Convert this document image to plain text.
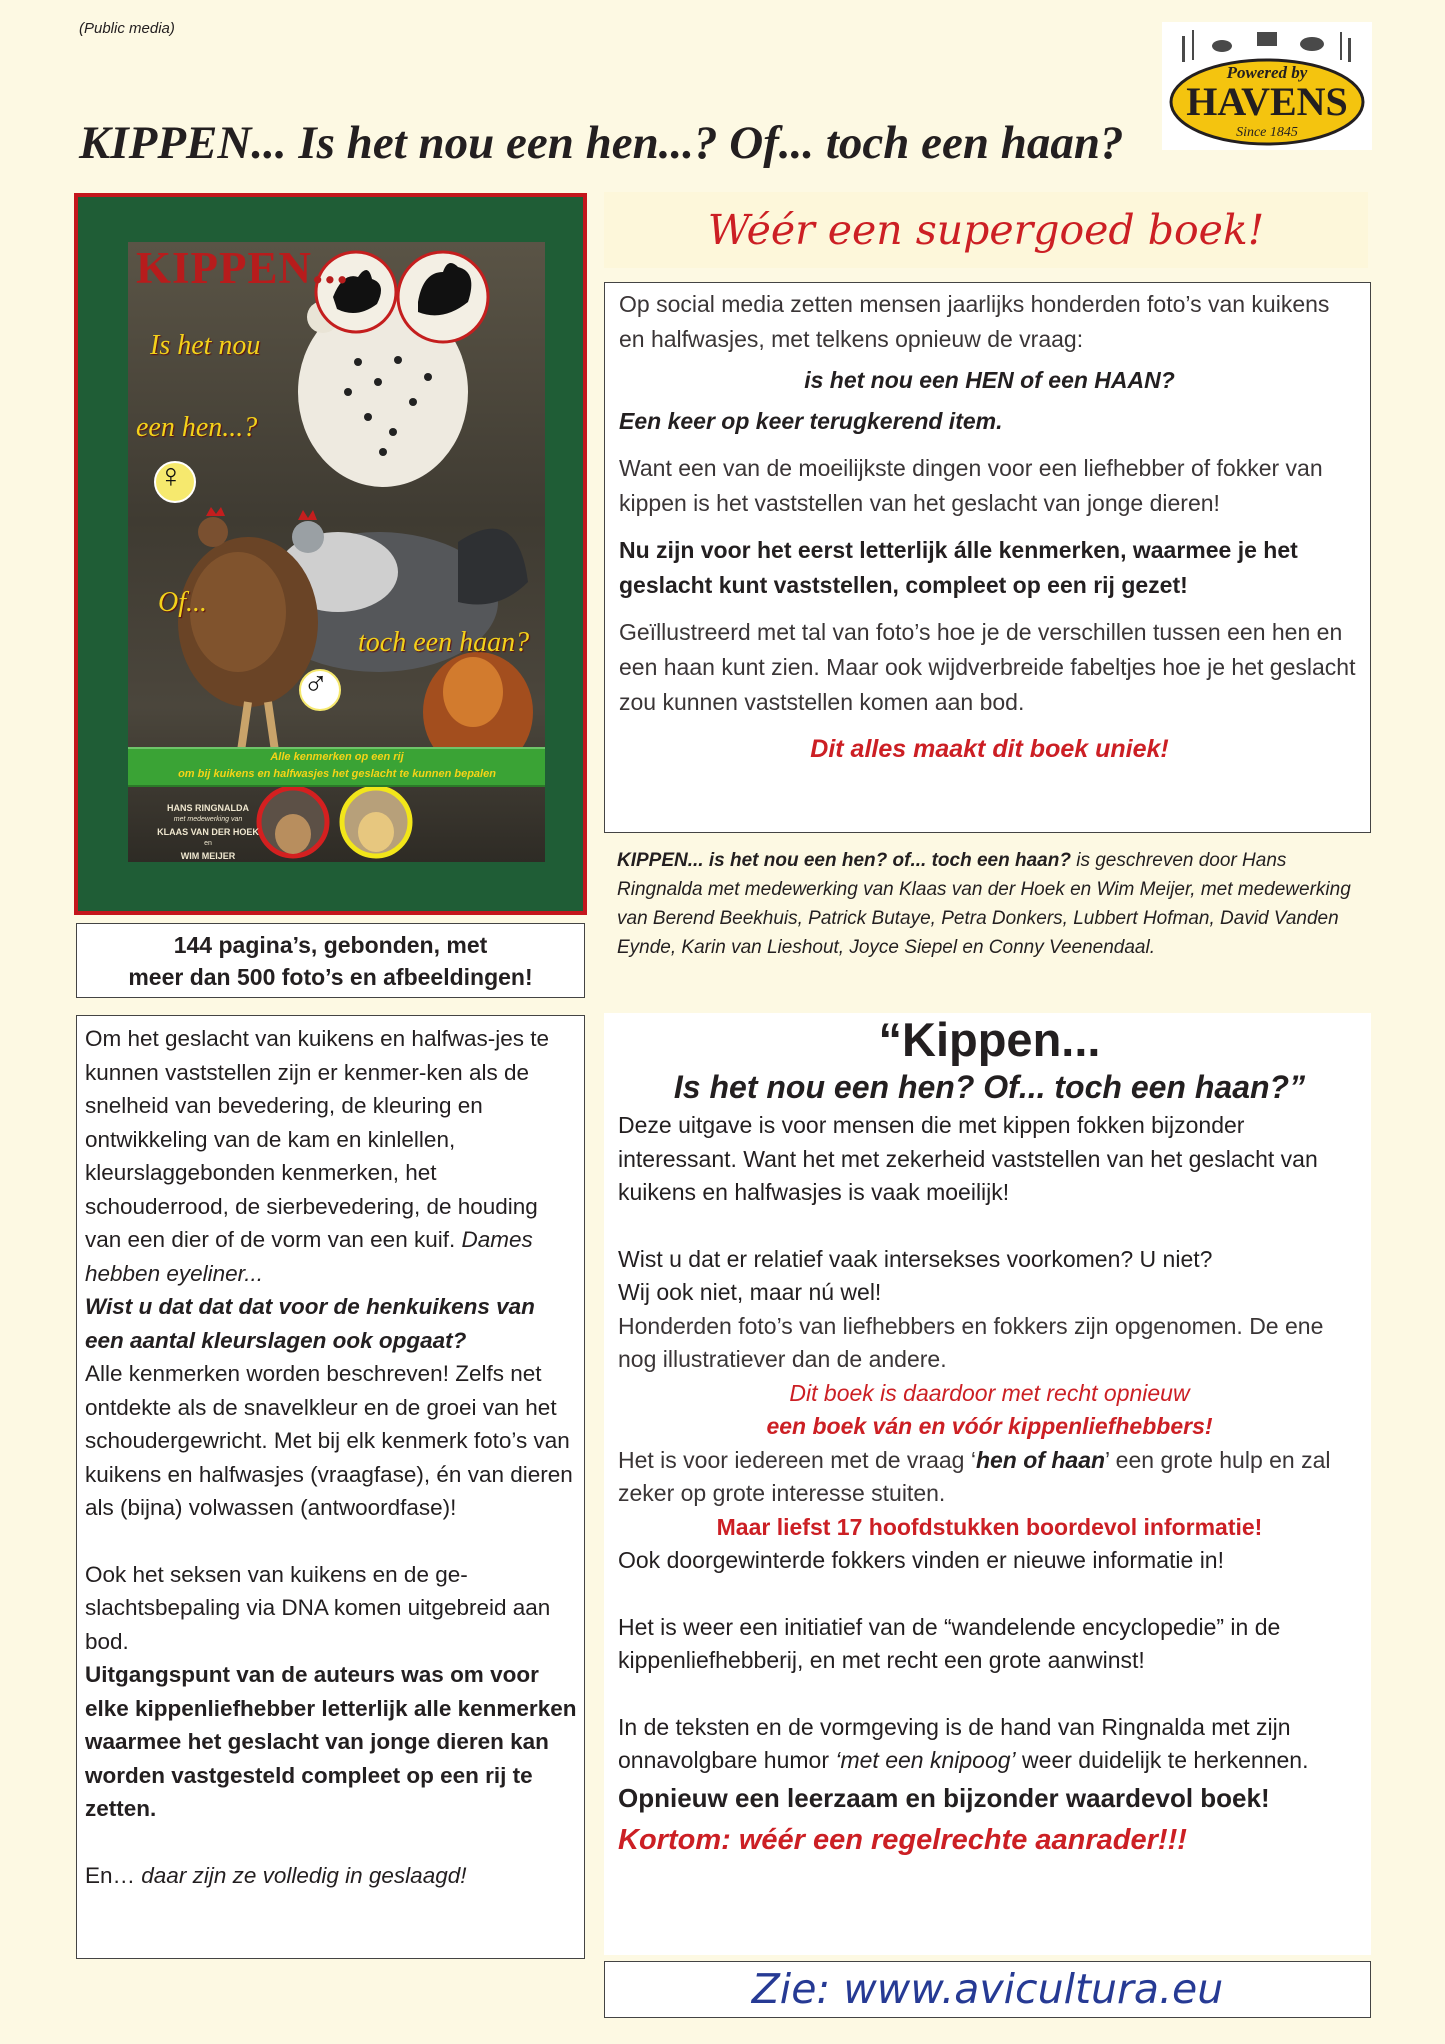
(Public media)
Powered by
HAVENS
Since 1845
KIPPEN... Is het nou een hen...? Of... toch een haan?
KIPPEN...
Is het nou
een hen...?
♀
Of...
toch een haan?
♂
Alle kenmerken op een rij
om bij kuikens en halfwasjes het geslacht te kunnen bepalen
HANS RINGNALDA
met medewerking van
KLAAS VAN DER HOEK
en
WIM MEIJER
144 pagina’s, gebonden, met
meer dan 500 foto’s en afbeeldingen!

Om het geslacht van kuikens en halfwas-jes te kunnen vaststellen zijn er kenmer-ken als de snelheid van bevedering, de kleuring en ontwikkeling van de kam en kinlellen, kleurslaggebonden kenmerken, het schouderrood, de sierbevedering, de houding van een dier of de vorm van een kuif. Dames hebben eyeliner...

Wist u dat dat dat voor de henkuikens van een aantal kleurslagen ook opgaat?

Alle kenmerken worden beschreven! Zelfs net ontdekte als de snavelkleur en de groei van het schoudergewricht. Met bij elk kenmerk foto’s van kuikens en halfwasjes (vraagfase), én van dieren als (bijna) volwassen (antwoordfase)!

Ook het seksen van kuikens en de ge-slachtsbepaling via DNA komen uitgebreid aan bod.

Uitgangspunt van de auteurs was om voor elke kippenliefhebber letterlijk alle kenmerken waarmee het geslacht van jonge dieren kan worden vastgesteld compleet op een rij te zetten.

En… daar zijn ze volledig in geslaagd!

Wéér een supergoed boek!

Op social media zetten mensen jaarlijks honderden foto’s van kuikens en halfwasjes, met telkens opnieuw de vraag:

is het nou een HEN of een HAAN?

Een keer op keer terugkerend item.

Want een van de moeilijkste dingen voor een liefhebber of fokker van kippen is het vaststellen van het geslacht van jonge dieren!

Nu zijn voor het eerst letterlijk álle kenmerken, waarmee je het geslacht kunt vaststellen, compleet op een rij gezet!

Geïllustreerd met tal van foto’s hoe je de verschillen tussen een hen en een haan kunt zien. Maar ook wijdverbreide fabeltjes hoe je het geslacht zou kunnen vaststellen komen aan bod.

Dit alles maakt dit boek uniek!

KIPPEN... is het nou een hen? of... toch een haan? is geschreven door Hans Ringnalda met medewerking van Klaas van der Hoek en Wim Meijer, met medewerking van Berend Beekhuis, Patrick Butaye, Petra Donkers, Lubbert Hofman, David Vanden Eynde, Karin van Lieshout, Joyce Siepel en Conny Veenendaal.
“Kippen...
Is het nou een hen? Of... toch een haan?”

Deze uitgave is voor mensen die met kippen fokken bijzonder interessant. Want het met zekerheid vaststellen van het geslacht van kuikens en halfwasjes is vaak moeilijk!

Wist u dat er relatief vaak intersekses voorkomen? U niet?

Wij ook niet, maar nú wel!

Honderden foto’s van liefhebbers en fokkers zijn opgenomen. De ene nog illustratiever dan de andere.

Dit boek is daardoor met recht opnieuw

een boek ván en vóór kippenliefhebbers!

Het is voor iedereen met de vraag ‘hen of haan’ een grote hulp en zal zeker op grote interesse stuiten.

Maar liefst 17 hoofdstukken boordevol informatie!

Ook doorgewinterde fokkers vinden er nieuwe informatie in!

Het is weer een initiatief van de “wandelende encyclopedie” in de kippenliefhebberij, en met recht een grote aanwinst!

In de teksten en de vormgeving is de hand van Ringnalda met zijn onnavolgbare humor ‘met een knipoog’ weer duidelijk te herkennen.

Opnieuw een leerzaam en bijzonder waardevol boek!

Kortom: wéér een regelrechte aanrader!!!

Zie: www.avicultura.eu
